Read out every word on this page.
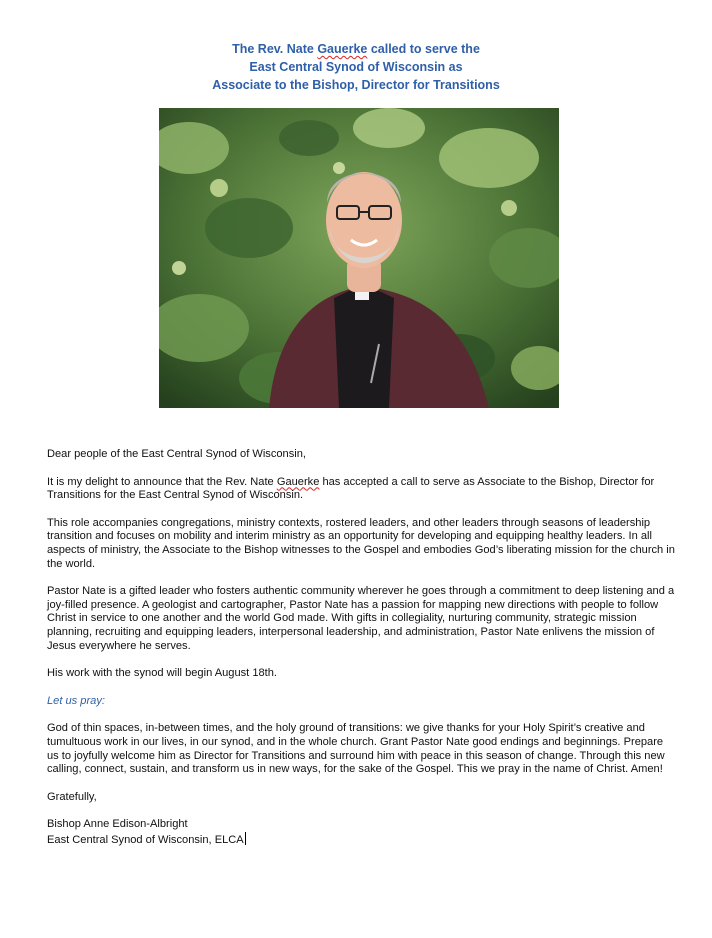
The Rev. Nate Gauerke called to serve the
East Central Synod of Wisconsin as
Associate to the Bishop, Director for Transitions

Dear people of the East Central Synod of Wisconsin,

It is my delight to announce that the Rev. Nate Gauerke has accepted a call to serve as Associate to the Bishop, Director for Transitions for the East Central Synod of Wisconsin.

This role accompanies congregations, ministry contexts, rostered leaders, and other leaders through seasons of leadership transition and focuses on mobility and interim ministry as an opportunity for developing and equipping healthy leaders. In all aspects of ministry, the Associate to the Bishop witnesses to the Gospel and embodies God’s liberating mission for the church in the world.

Pastor Nate is a gifted leader who fosters authentic community wherever he goes through a commitment to deep listening and a joy-filled presence. A geologist and cartographer, Pastor Nate has a passion for mapping new directions with people to follow Christ in service to one another and the world God made. With gifts in collegiality, nurturing community, strategic mission planning, recruiting and equipping leaders, interpersonal leadership, and administration, Pastor Nate enlivens the mission of Jesus everywhere he serves.

His work with the synod will begin August 18th.

Let us pray:

God of thin spaces, in-between times, and the holy ground of transitions: we give thanks for your Holy Spirit’s creative and tumultuous work in our lives, in our synod, and in the whole church. Grant Pastor Nate good endings and beginnings. Prepare us to joyfully welcome him as Director for Transitions and surround him with peace in this season of change. Through this new calling, connect, sustain, and transform us in new ways, for the sake of the Gospel. This we pray in the name of Christ. Amen!

Gratefully,

Bishop Anne Edison-Albright
East Central Synod of Wisconsin, ELCA
